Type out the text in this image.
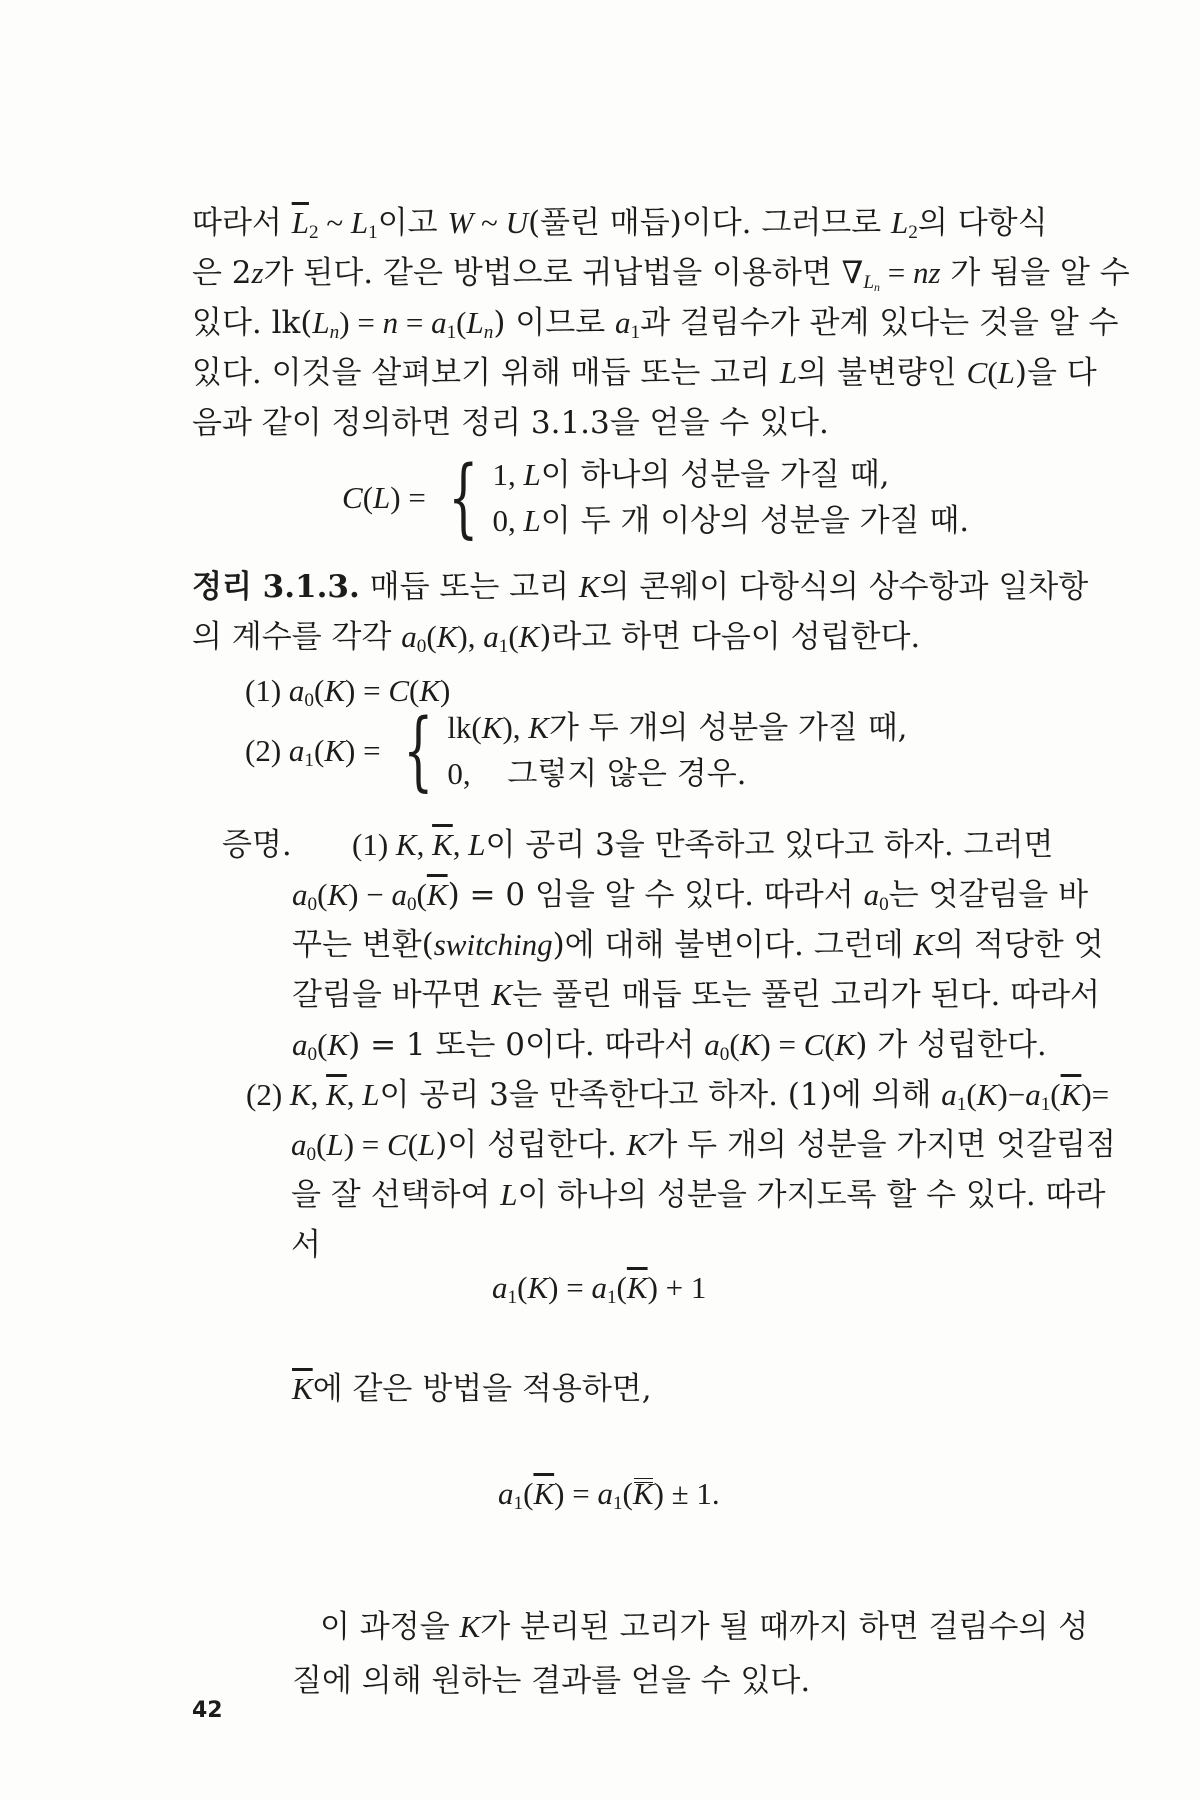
따라서 $\overline{L}_2$ ~ $L_1$이고 W ~ U(풀린 매듭)이다. 그러므로 $L_2$의 다항식
은 2z가 된다. 같은 방법으로 귀납법을 이용하면 $\nabla_{L_n}$ = nz 가 됨을 알 수
있다. $lk(L_n) = n = a_1(L_n)$ 이므로 $a_1$과 걸림수가 관계 있다는 것을 알 수
있다. 이것을 살펴보기 위해 매듭 또는 고리 L의 불변량인 C(L)을 다
음과 같이 정의하면 정리 3.1.3을 얻을 수 있다.
C(L) = { 1, L이 하나의 성분을 가질 때,
0, L이 두 개 이상의 성분을 가질 때.
정리 3.1.3. 매듭 또는 고리 K의 콘웨이 다항식의 상수항과 일차항
의 계수를 각각 $a_0(K)$, $a_1(K)$라고 하면 다음이 성립한다.
(1) $a_0(K) = C(K)$
(2) $a_1(K)$ = { lk(K), K가 두 개의 성분을 가질 때,
0, 그렇지 않은 경우.
증명.	(1) K, $\overline{K}$, L이 공리 3을 만족하고 있다고 하자. 그러면
$a_0(K) - a_0(\overline{K}) = 0$ 임을 알 수 있다. 따라서 $a_0$는 엇갈림을 바
꾸는 변환(switching)에 대해 불변이다. 그런데 K의 적당한 엇
갈림을 바꾸면 K는 풀린 매듭 또는 풀린 고리가 된다. 따라서
$a_0(K) = 1$ 또는 0이다. 따라서 $a_0(K) = C(K)$ 가 성립한다.
(2) K, $\overline{K}$, L이 공리 3을 만족한다고 하자. (1)에 의해 $a_1(K)-a_1(\overline{K})=$
$a_0(L) = C(L)$이 성립한다. K가 두 개의 성분을 가지면 엇갈림점
을 잘 선택하여 L이 하나의 성분을 가지도록 할 수 있다. 따라
서
$a_1(K) = a_1(\overline{K}) + 1$
$\overline{K}$에 같은 방법을 적용하면,
$a_1(\overline{K}) = a_1(K) \pm 1$.
이 과정을 K가 분리된 고리가 될 때까지 하면 걸림수의 성
질에 의해 원하는 결과를 얻을 수 있다.
42
